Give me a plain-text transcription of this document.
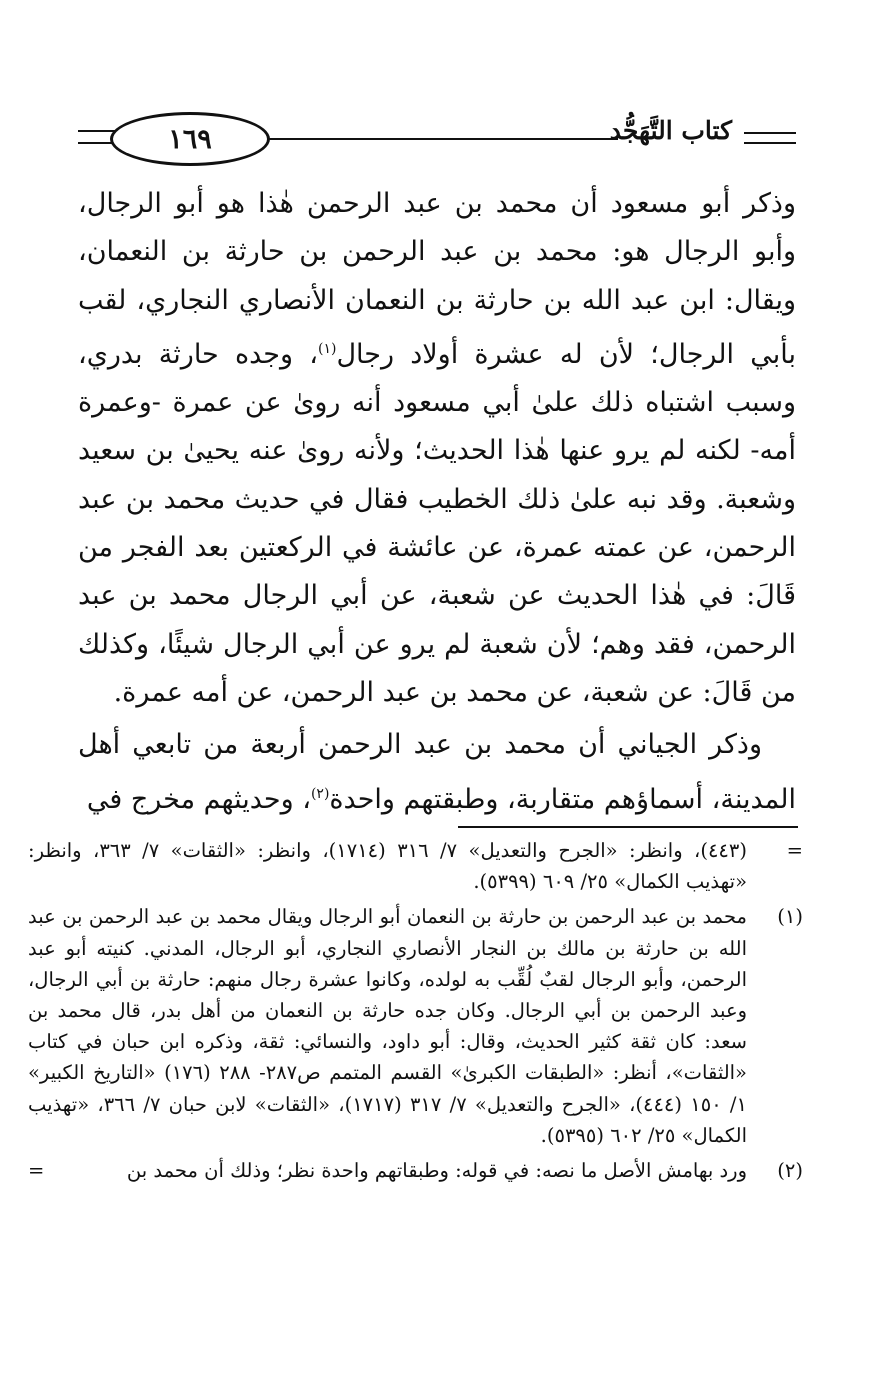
١٦٩	كتاب التَّهَجُّد

وذكر أبو مسعود أن محمد بن عبد الرحمن هٰذا هو أبو الرجال، وأبو الرجال هو: محمد بن عبد الرحمن بن حارثة بن النعمان، ويقال: ابن عبد الله بن حارثة بن النعمان الأنصاري النجاري، لقب بأبي الرجال؛ لأن له عشرة أولاد رجال$^{(١)}$، وجده حارثة بدري، وسبب اشتباه ذلك علىٰ أبي مسعود أنه روىٰ عن عمرة -وعمرة أمه- لكنه لم يرو عنها هٰذا الحديث؛ ولأنه روىٰ عنه يحيىٰ بن سعيد وشعبة. وقد نبه علىٰ ذلك الخطيب فقال في حديث محمد بن عبد الرحمن، عن عمته عمرة، عن عائشة في الركعتين بعد الفجر من قَالَ: في هٰذا الحديث عن شعبة، عن أبي الرجال محمد بن عبد الرحمن، فقد وهم؛ لأن شعبة لم يرو عن أبي الرجال شيئًا، وكذلك من قَالَ: عن شعبة، عن محمد بن عبد الرحمن، عن أمه عمرة.

وذكر الجياني أن محمد بن عبد الرحمن أربعة من تابعي أهل المدينة، أسماؤهم متقاربة، وطبقتهم واحدة$^{(٢)}$، وحديثهم مخرج في

=
(٤٤٣)، وانظر: «الجرح والتعديل» ٧/ ٣١٦ (١٧١٤)، وانظر: «الثقات» ٧/ ٣٦٣، وانظر: «تهذيب الكمال» ٢٥/ ٦٠٩ (٥٣٩٩).
(١)
محمد بن عبد الرحمن بن حارثة بن النعمان أبو الرجال ويقال محمد بن عبد الرحمن بن عبد الله بن حارثة بن مالك بن النجار الأنصاري النجاري، أبو الرجال، المدني. كنيته أبو عبد الرحمن، وأبو الرجال لقبٌ لُقِّب به لولده، وكانوا عشرة رجال منهم: حارثة بن أبي الرجال، وعبد الرحمن بن أبي الرجال. وكان جده حارثة بن النعمان من أهل بدر، قال محمد بن سعد: كان ثقة كثير الحديث، وقال: أبو داود، والنسائي: ثقة، وذكره ابن حبان في كتاب «الثقات»، أنظر: «الطبقات الكبرىٰ» القسم المتمم ص٢٨٧- ٢٨٨ (١٧٦) «التاريخ الكبير» ١/ ١٥٠ (٤٤٤)، «الجرح والتعديل» ٧/ ٣١٧ (١٧١٧)، «الثقات» لابن حبان ٧/ ٣٦٦، «تهذيب الكمال» ٢٥/ ٦٠٢ (٥٣٩٥).
(٢)
ورد بهامش الأصل ما نصه: في قوله: وطبقاتهم واحدة نظر؛ وذلك أن محمد بن
=
